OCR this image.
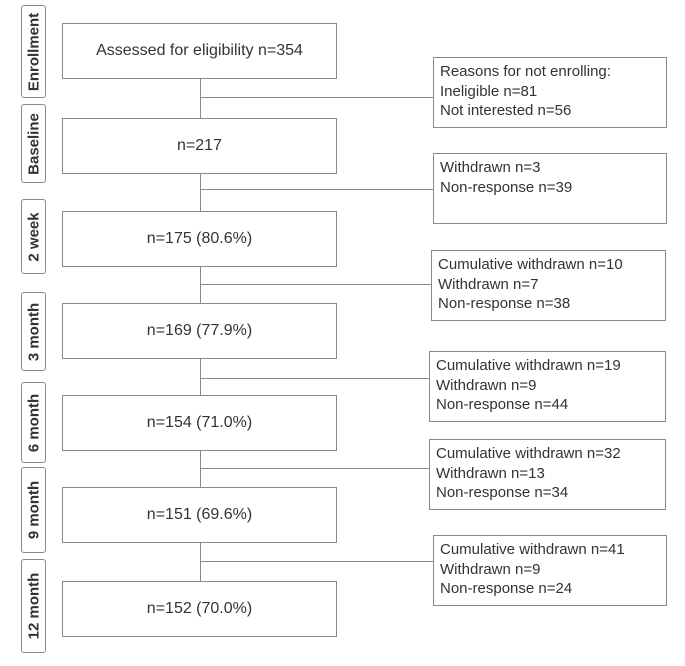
Enrollment
Baseline
2 week
3 month
6 month
9 month
12 month
Assessed for eligibility n=354
n=217
n=175 (80.6%)
n=169 (77.9%)
n=154 (71.0%)
n=151 (69.6%)
n=152 (70.0%)
Reasons for not enrolling:
Ineligible n=81
Not interested n=56
Withdrawn n=3
Non-response n=39
Cumulative withdrawn n=10
Withdrawn n=7
Non-response n=38
Cumulative withdrawn n=19
Withdrawn n=9
Non-response n=44
Cumulative withdrawn n=32
Withdrawn n=13
Non-response n=34
Cumulative withdrawn n=41
Withdrawn n=9
Non-response n=24
